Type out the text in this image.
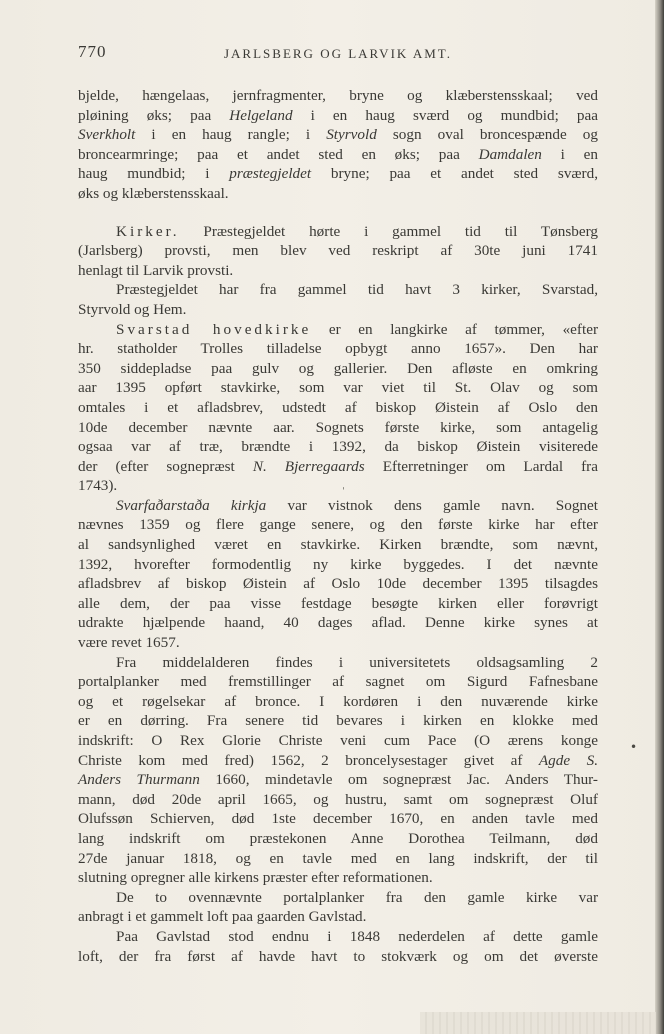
770	JARLSBERG OG LARVIK AMT.
bjelde, hængelaas, jernfragmenter, bryne og klæberstensskaal; ved
pløining øks; paa Helgeland i en haug sværd og mundbid; paa
Sverkholt i en haug rangle; i Styrvold sogn oval broncespænde og
broncearmringe; paa et andet sted en øks; paa Damdalen i en
haug mundbid; i præstegjeldet bryne; paa et andet sted sværd,
øks og klæberstensskaal.
Kirker. Præstegjeldet hørte i gammel tid til Tønsberg
(Jarlsberg) provsti, men blev ved reskript af 30te juni 1741
henlagt til Larvik provsti.
Præstegjeldet har fra gammel tid havt 3 kirker, Svarstad,
Styrvold og Hem.
Svarstad hovedkirke er en langkirke af tømmer, «efter
hr. statholder Trolles tilladelse opbygt anno 1657». Den har
350 siddepladse paa gulv og gallerier. Den afløste en omkring
aar 1395 opført stavkirke, som var viet til St. Olav og som
omtales i et afladsbrev, udstedt af biskop Øistein af Oslo den
10de december nævnte aar. Sognets første kirke, som antagelig
ogsaa var af træ, brændte i 1392, da biskop Øistein visiterede
der (efter sognepræst N. Bjerregaards Efterretninger om Lardal fra
1743).
Svarfaðarstaða kirkja var vistnok dens gamle navn. Sognet
nævnes 1359 og flere gange senere, og den første kirke har efter
al sandsynlighed været en stavkirke. Kirken brændte, som nævnt,
1392, hvorefter formodentlig ny kirke byggedes. I det nævnte
afladsbrev af biskop Øistein af Oslo 10de december 1395 tilsagdes
alle dem, der paa visse festdage besøgte kirken eller forøvrigt
udrakte hjælpende haand, 40 dages aflad. Denne kirke synes at
være revet 1657.
Fra middelalderen findes i universitetets oldsagsamling 2
portalplanker med fremstillinger af sagnet om Sigurd Fafnesbane
og et røgelsekar af bronce. I kordøren i den nuværende kirke
er en dørring. Fra senere tid bevares i kirken en klokke med
indskrift: O Rex Glorie Christe veni cum Pace (O ærens konge
Christe kom med fred) 1562, 2 broncelysestager givet af Agde S.
Anders Thurmann 1660, mindetavle om sognepræst Jac. Anders Thur-
mann, død 20de april 1665, og hustru, samt om sognepræst Oluf
Olufssøn Schierven, død 1ste december 1670, en anden tavle med
lang indskrift om præstekonen Anne Dorothea Teilmann, død
27de januar 1818, og en tavle med en lang indskrift, der til
slutning opregner alle kirkens præster efter reformationen.
De to ovennævnte portalplanker fra den gamle kirke var
anbragt i et gammelt loft paa gaarden Gavlstad.
Paa Gavlstad stod endnu i 1848 nederdelen af dette gamle
loft, der fra først af havde havt to stokværk og om det øverste
•
ˌ
